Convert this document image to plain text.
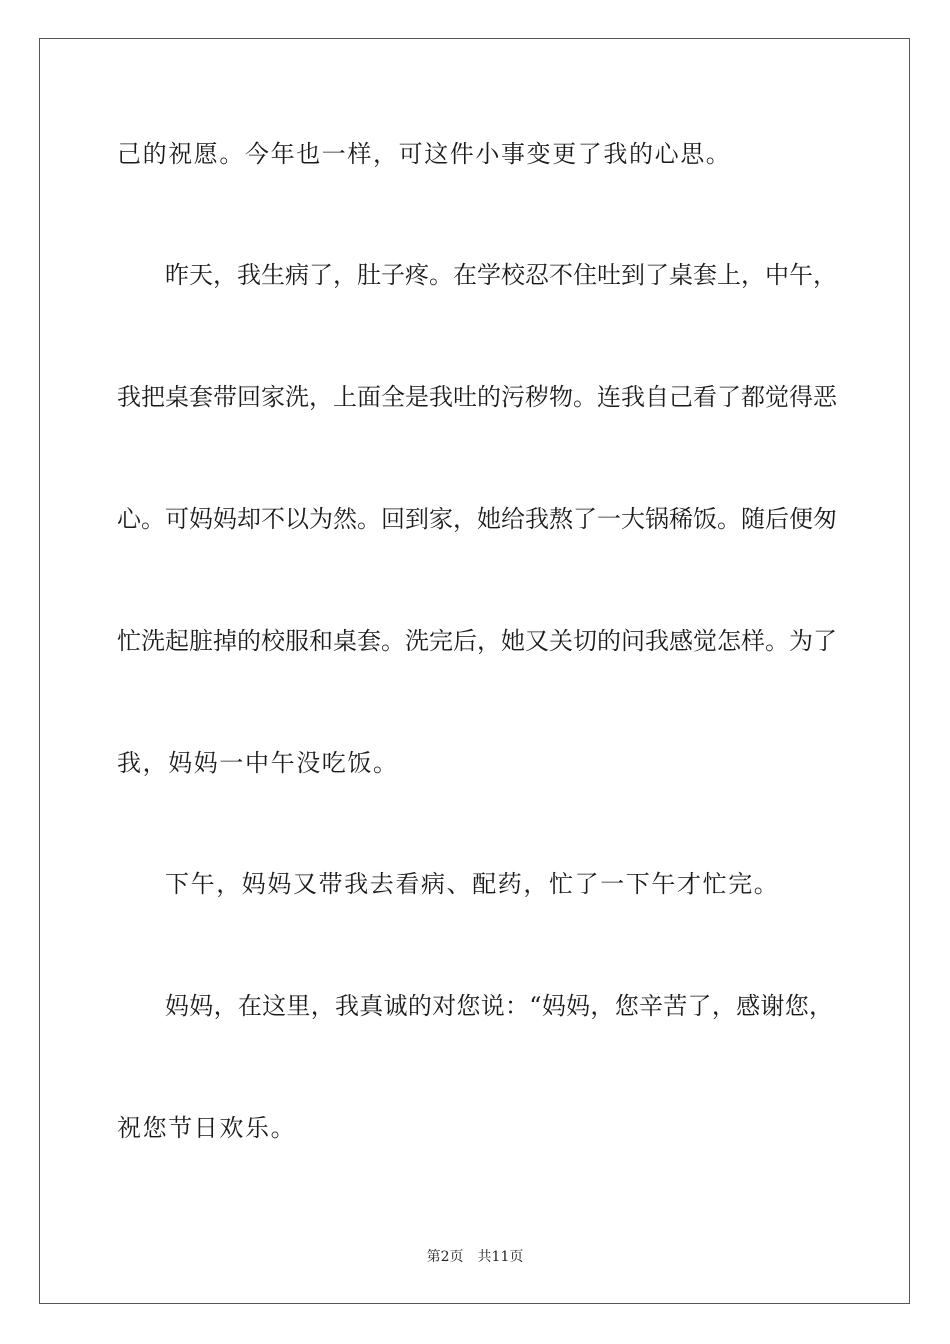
己的祝愿。今年也一样，可这件小事变更了我的心思。
昨天，我生病了，肚子疼。在学校忍不住吐到了桌套上，中午，
我把桌套带回家洗，上面全是我吐的污秽物。连我自己看了都觉得恶
心。可妈妈却不以为然。回到家，她给我熬了一大锅稀饭。随后便匆
忙洗起脏掉的校服和桌套。洗完后，她又关切的问我感觉怎样。为了
我，妈妈一中午没吃饭。
下午，妈妈又带我去看病、配药，忙了一下午才忙完。
妈妈，在这里，我真诚的对您说：“妈妈，您辛苦了，感谢您，
祝您节日欢乐。
第2页 共11页
